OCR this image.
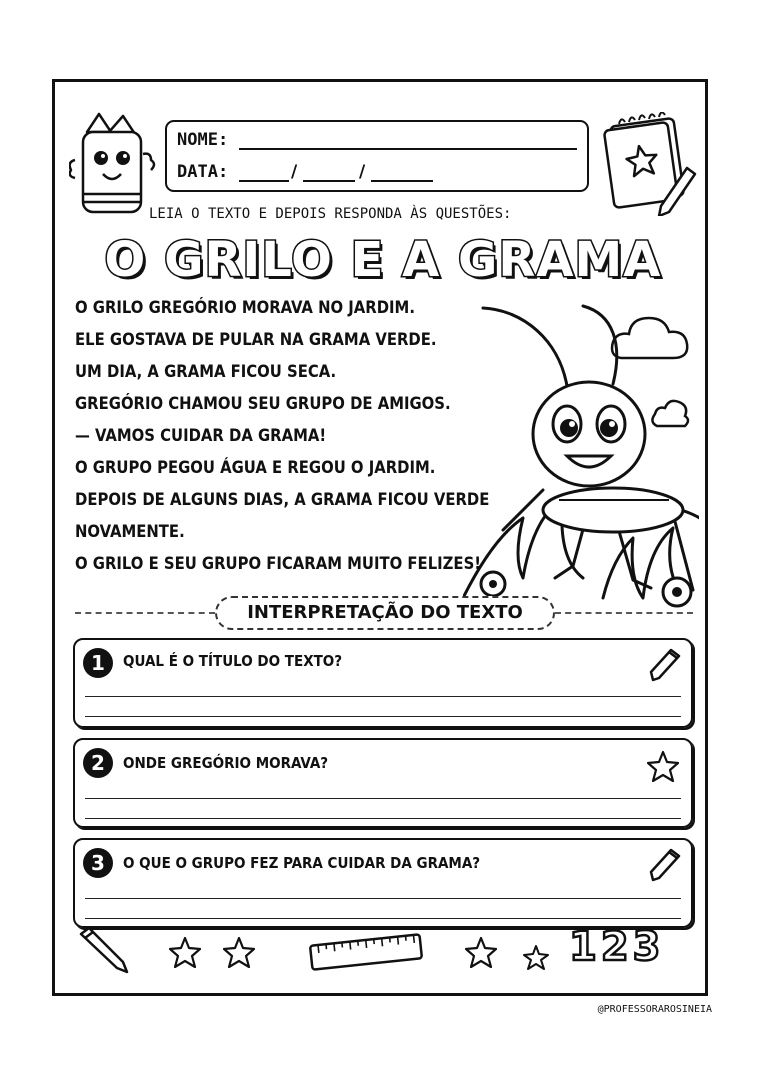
NOME:
DATA:	/	/
LEIA O TEXTO E DEPOIS RESPONDA ÀS QUESTÕES:
O GRILO E A GRAMA
O GRILO GREGÓRIO MORAVA NO JARDIM.
ELE GOSTAVA DE PULAR NA GRAMA VERDE.
UM DIA, A GRAMA FICOU SECA.
GREGÓRIO CHAMOU SEU GRUPO DE AMIGOS.
— VAMOS CUIDAR DA GRAMA!
O GRUPO PEGOU ÁGUA E REGOU O JARDIM.
DEPOIS DE ALGUNS DIAS, A GRAMA FICOU VERDE
NOVAMENTE.
O GRILO E SEU GRUPO FICARAM MUITO FELIZES!
INTERPRETAÇÃO DO TEXTO
1	QUAL É O TÍTULO DO TEXTO?
2	ONDE GREGÓRIO MORAVA?
3	O QUE O GRUPO FEZ PARA CUIDAR DA GRAMA?
123
@PROFESSORAROSINEIA
